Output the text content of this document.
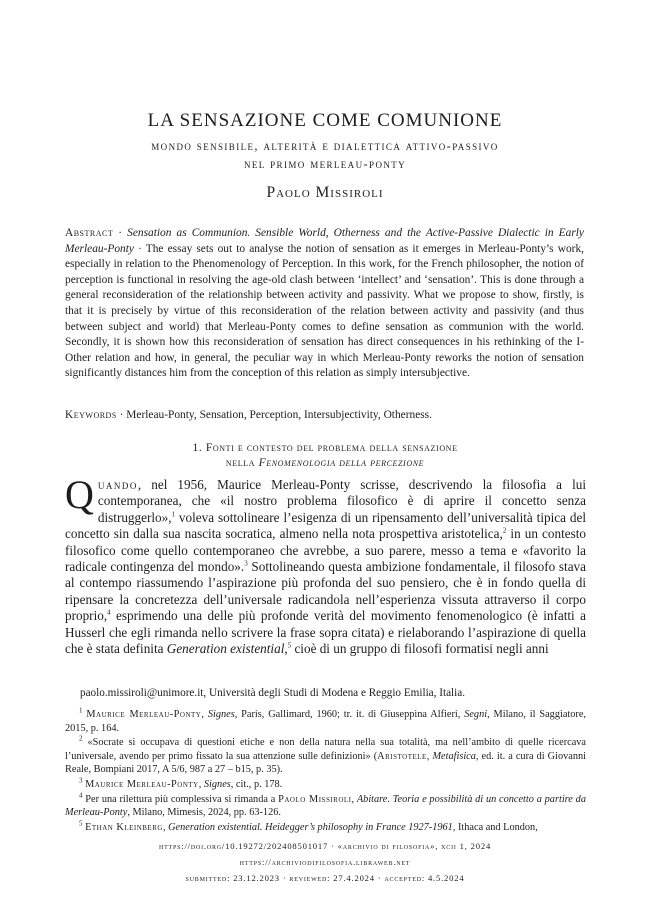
LA SENSAZIONE COME COMUNIONE
mondo sensibile, alterità e dialettica attivo-passivo
nel primo merleau-ponty
Paolo Missiroli
Abstract · Sensation as Communion. Sensible World, Otherness and the Active-Passive Dialectic in Early Merleau-Ponty · The essay sets out to analyse the notion of sensation as it emerges in Merleau-Ponty’s work, especially in relation to the Phenomenology of Perception. In this work, for the French philosopher, the notion of perception is functional in resolving the age-old clash between ‘intellect’ and ‘sensation’. This is done through a general reconsideration of the relationship between activity and passivity. What we propose to show, firstly, is that it is precisely by virtue of this reconsideration of the relation between activity and passivity (and thus between subject and world) that Merleau-Ponty comes to define sensation as communion with the world. Secondly, it is shown how this reconsideration of sensation has direct consequences in his rethinking of the I-Other relation and how, in general, the peculiar way in which Merleau-Ponty reworks the notion of sensation significantly distances him from the conception of this relation as simply intersubjective.
Keywords · Merleau-Ponty, Sensation, Perception, Intersubjectivity, Otherness.
1. Fonti e contesto del problema della sensazione
nella Fenomenologia della percezione
Quando, nel 1956, Maurice Merleau-Ponty scrisse, descrivendo la filosofia a lui contemporanea, che «il nostro problema filosofico è di aprire il concetto senza distruggerlo»,$^1$ voleva sottolineare l’esigenza di un ripensamento dell’universalità tipica del concetto sin dalla sua nascita socratica, almeno nella nota prospettiva aristotelica,$^2$ in un contesto filosofico come quello contemporaneo che avrebbe, a suo parere, messo a tema e «favorito la radicale contingenza del mondo».$^3$ Sottolineando questa ambizione fondamentale, il filosofo stava al contempo riassumendo l’aspirazione più profonda del suo pensiero, che è in fondo quella di ripensare la concretezza dell’universale radicandola nell’esperienza vissuta attraverso il corpo proprio,$^4$ esprimendo una delle più profonde verità del movimento fenomenologico (è infatti a Husserl che egli rimanda nello scrivere la frase sopra citata) e rielaborando l’aspirazione di quella che è stata definita Generation existential,$^5$ cioè di un gruppo di filosofi formatisi negli anni
paolo.missiroli@unimore.it, Università degli Studi di Modena e Reggio Emilia, Italia.
$^1$ Maurice Merleau-Ponty, Signes, Paris, Gallimard, 1960; tr. it. di Giuseppina Alfieri, Segni, Milano, il Saggiatore, 2015, p. 164.
$^2$ «Socrate si occupava di questioni etiche e non della natura nella sua totalità, ma nell’ambito di quelle ricercava l’universale, avendo per primo fissato la sua attenzione sulle definizioni» (Aristotele, Metafisica, ed. it. a cura di Giovanni Reale, Bompiani 2017, A 5/6, 987 a 27 – b15, p. 35).
$^3$ Maurice Merleau-Ponty, Signes, cit., p. 178.
$^4$ Per una rilettura più complessiva si rimanda a Paolo Missiroli, Abitare. Teoria e possibilità di un concetto a partire da Merleau-Ponty, Milano, Mimesis, 2024, pp. 63-126.
$^5$ Ethan Kleinberg, Generation existential. Heidegger’s philosophy in France 1927-1961, Ithaca and London,
https://doi.org/10.19272/202408501017 · «archivio di filosofia», xcii 1, 2024
https://archiviodifilosofia.libraweb.net
submitted: 23.12.2023 · reviewed: 27.4.2024 · accepted: 4.5.2024
